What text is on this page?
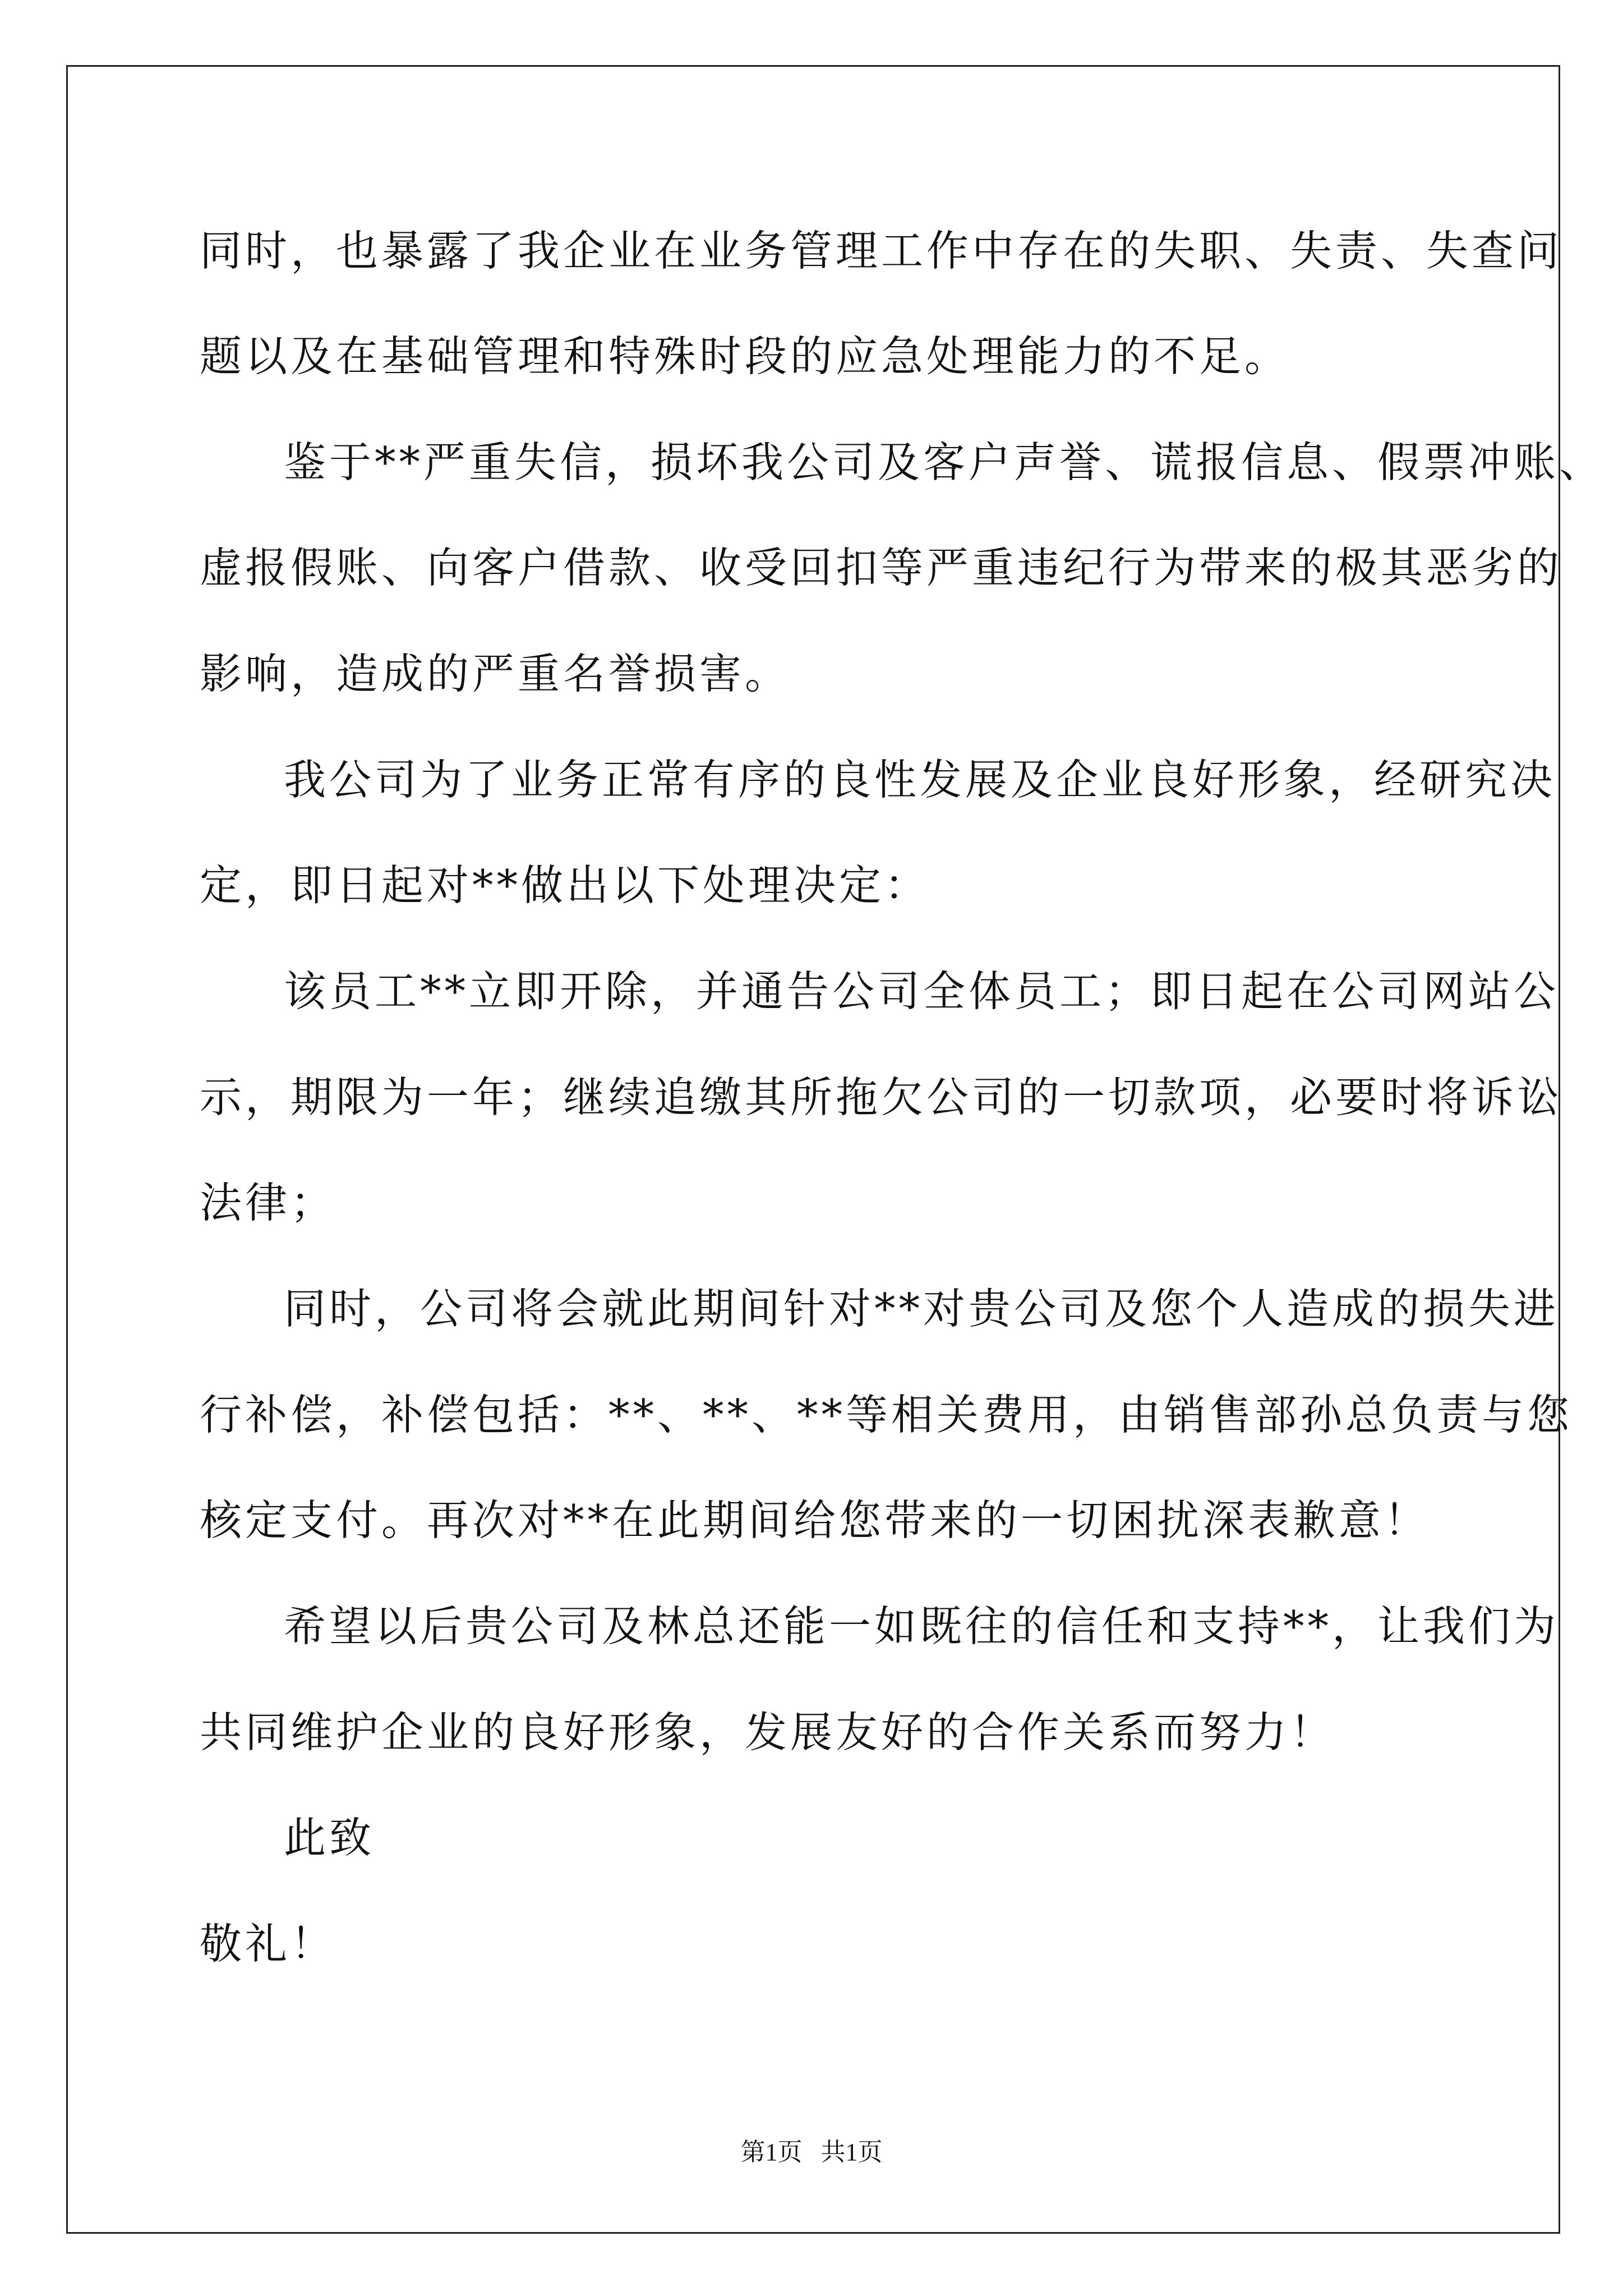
同时，也暴露了我企业在业务管理工作中存在的失职、失责、失查问
题以及在基础管理和特殊时段的应急处理能力的不足。
鉴于**严重失信，损坏我公司及客户声誉、谎报信息、假票冲账、
虚报假账、向客户借款、收受回扣等严重违纪行为带来的极其恶劣的
影响，造成的严重名誉损害。
我公司为了业务正常有序的良性发展及企业良好形象，经研究决
定，即日起对**做出以下处理决定：
该员工**立即开除，并通告公司全体员工；即日起在公司网站公
示，期限为一年；继续追缴其所拖欠公司的一切款项，必要时将诉讼
法律；
同时，公司将会就此期间针对**对贵公司及您个人造成的损失进
行补偿，补偿包括：**、**、**等相关费用，由销售部孙总负责与您
核定支付。再次对**在此期间给您带来的一切困扰深表歉意！
希望以后贵公司及林总还能一如既往的信任和支持**，让我们为
共同维护企业的良好形象，发展友好的合作关系而努力！
此致
敬礼！
第1页   共1页
